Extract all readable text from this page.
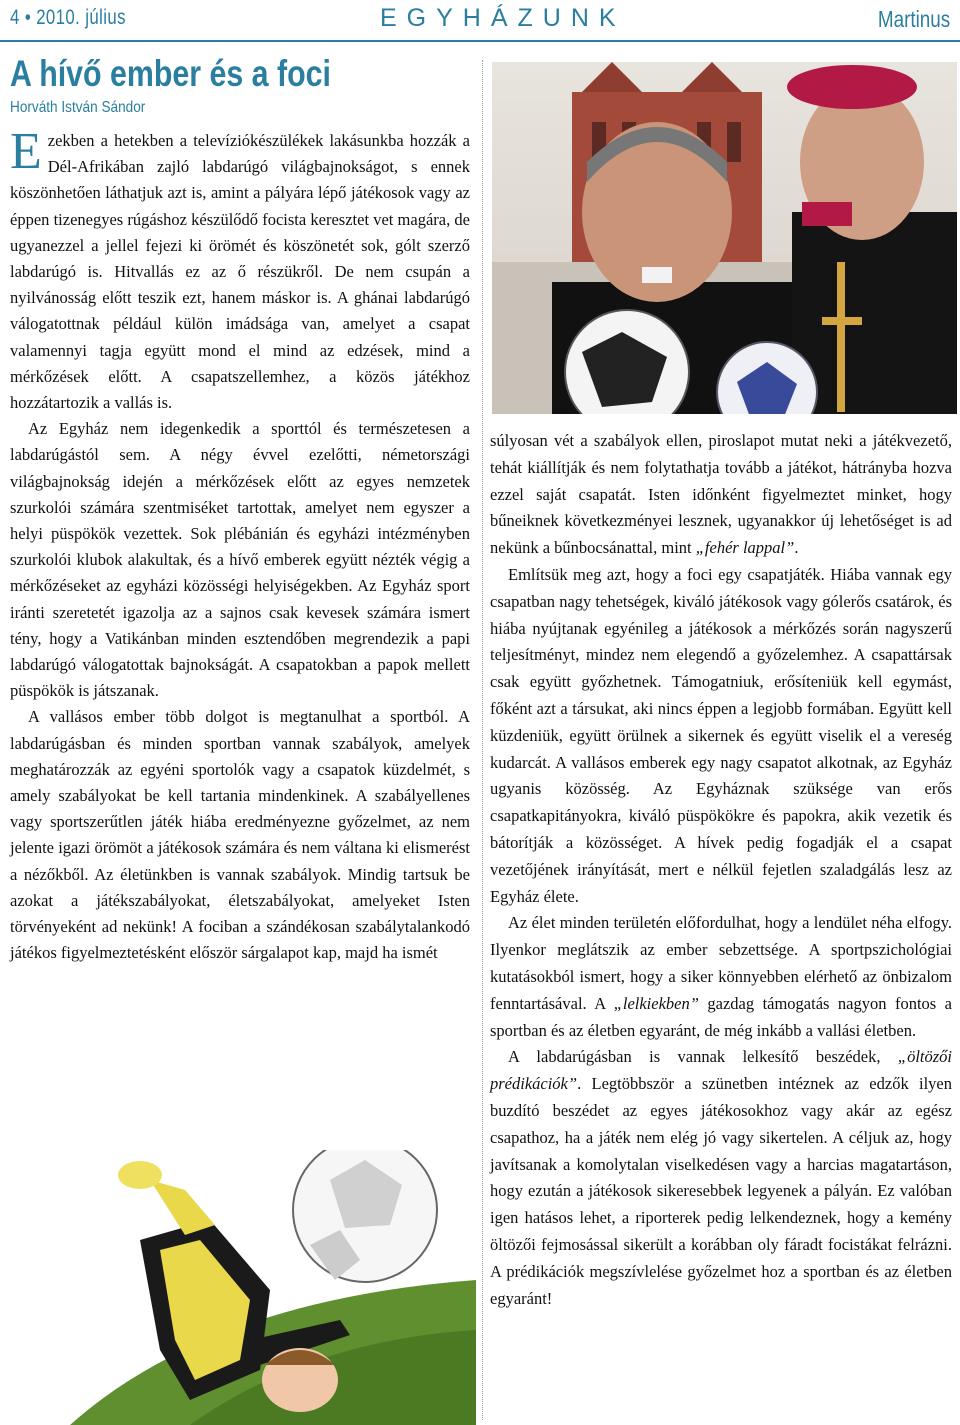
4 • 2010. július	EGYHÁZUNK	Martinus
A hívő ember és a foci
Horváth István Sándor

Ezekben a hetekben a televíziókészülékek lakásunkba hozzák a Dél-Afrikában zajló labdarúgó világbajnokságot, s ennek köszönhetően láthatjuk azt is, amint a pályára lépő játékosok vagy az éppen tizenegyes rúgáshoz készülődő focista keresztet vet magára, de ugyanezzel a jellel fejezi ki örömét és köszönetét sok, gólt szerző labdarúgó is. Hitvallás ez az ő részükről. De nem csupán a nyilvánosság előtt teszik ezt, hanem máskor is. A ghánai labdarúgó válogatottnak például külön imádsága van, amelyet a csapat valamennyi tagja együtt mond el mind az edzések, mind a mérkőzések előtt. A csapatszellemhez, a közös játékhoz hozzátartozik a vallás is.

Az Egyház nem idegenkedik a sporttól és természetesen a labdarúgástól sem. A négy évvel ezelőtti, németországi világbajnokság idején a mérkőzések előtt az egyes nemzetek szurkolói számára szentmiséket tartottak, amelyet nem egyszer a helyi püspökök vezettek. Sok plébánián és egyházi intézményben szurkolói klubok alakultak, és a hívő emberek együtt nézték végig a mérkőzéseket az egyházi közösségi helyiségekben. Az Egyház sport iránti szeretetét igazolja az a sajnos csak kevesek számára ismert tény, hogy a Vatikánban minden esztendőben megrendezik a papi labdarúgó válogatottak bajnokságát. A csapatokban a papok mellett püspökök is játszanak.

A vallásos ember több dolgot is megtanulhat a sportból. A labdarúgásban és minden sportban vannak szabályok, amelyek meghatározzák az egyéni sportolók vagy a csapatok küzdelmét, s amely szabályokat be kell tartania mindenkinek. A szabályellenes vagy sportszerűtlen játék hiába eredményezne győzelmet, az nem jelente igazi örömöt a játékosok számára és nem váltana ki elismerést a nézőkből. Az életünkben is vannak szabályok. Mindig tartsuk be azokat a játékszabályokat, életszabályokat, amelyeket Isten törvényeként ad nekünk! A fociban a szándékosan szabálytalankodó játékos figyelmeztetésként először sárgalapot kap, majd ha ismét

súlyosan vét a szabályok ellen, piroslapot mutat neki a játékvezető, tehát kiállítják és nem folytathatja tovább a játékot, hátrányba hozva ezzel saját csapatát. Isten időnként figyelmeztet minket, hogy bűneiknek következményei lesznek, ugyanakkor új lehetőséget is ad nekünk a bűnbocsánattal, mint „fehér lappal”.

Említsük meg azt, hogy a foci egy csapatjáték. Hiába vannak egy csapatban nagy tehetségek, kiváló játékosok vagy gólerős csatárok, és hiába nyújtanak egyénileg a játékosok a mérkőzés során nagyszerű teljesítményt, mindez nem elegendő a győzelemhez. A csapattársak csak együtt győzhetnek. Támogatniuk, erősíteniük kell egymást, főként azt a társukat, aki nincs éppen a legjobb formában. Együtt kell küzdeniük, együtt örülnek a sikernek és együtt viselik el a vereség kudarcát. A vallásos emberek egy nagy csapatot alkotnak, az Egyház ugyanis közösség. Az Egyháznak szüksége van erős csapatkapitányokra, kiváló püspökökre és papokra, akik vezetik és bátorítják a közösséget. A hívek pedig fogadják el a csapat vezetőjének irányítását, mert e nélkül fejetlen szaladgálás lesz az Egyház élete.

Az élet minden területén előfordulhat, hogy a lendület néha elfogy. Ilyenkor meglátszik az ember sebzettsége. A sportpszichológiai kutatásokból ismert, hogy a siker könnyebben elérhető az önbizalom fenntartásával. A „lelkiekben” gazdag támogatás nagyon fontos a sportban és az életben egyaránt, de még inkább a vallási életben.

A labdarúgásban is vannak lelkesítő beszédek, „öltözői prédikációk”. Legtöbbször a szünetben intéznek az edzők ilyen buzdító beszédet az egyes játékosokhoz vagy akár az egész csapathoz, ha a játék nem elég jó vagy sikertelen. A céljuk az, hogy javítsanak a komolytalan viselkedésen vagy a harcias magatartáson, hogy ezután a játékosok sikeresebbek legyenek a pályán. Ez valóban igen hatásos lehet, a riporterek pedig lelkendeznek, hogy a kemény öltözői fejmosással sikerült a korábban oly fáradt focistákat felrázni. A prédikációk megszívlelése győzelmet hoz a sportban és az életben egyaránt!
